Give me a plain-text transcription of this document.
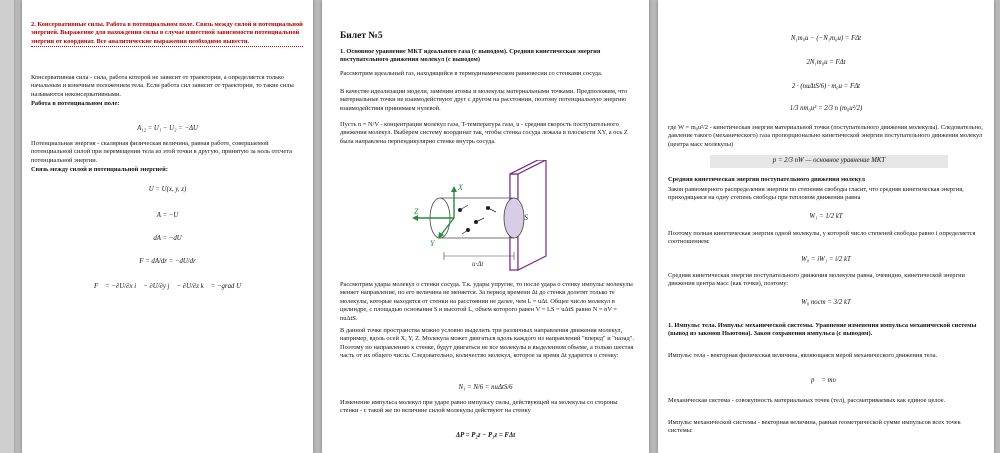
2. Консервативные силы. Работа в потенциальном поле. Связь между силой и потенциальной энергией. Выражение для нахождения силы в случае известной зависимости потенциальной энергии от координат. Все аналитические выражения необходимо вывести.

Консервативная сила - сила, работа которой не зависит от траектории, а определяется только начальным и конечным положением тела. Если работа сил зависит от траектории, то такие силы называются неконсервативными.

Работа в потенциальном поле:

A₁₂ = U₁ − U₂ = −ΔU

Потенциальная энергия - скалярная физическая величина, равная работе, совершаемой потенциальной силой при перемещении тела из этой точки в другую, принятую за ноль отсчета потенциальной энергии.

Связь между силой и потенциальной энергией:

U = U(x, y, z)

A = −U

dA = −dU

F = dA/dr = −dU/dr

F⃗ = −∂U/∂x i⃗ − ∂U/∂y j⃗ − ∂U/∂z k⃗ = −grad U

Билет №5

1. Основное уравнение МКТ идеального газа (с выводом). Средняя кинетическая энергия поступательного движения молекул (с выводом)

Рассмотрим идеальный газ, находящийся в термодинамическом равновесии со стенками сосуда.

В качестве идеализации модели, заменим атомы и молекулы материальными точками. Предположим, что материальные точки не взаимодействуют друг с другом на расстоянии, поэтому потенциальную энергию взаимодействия принимаем нулевой.

Пусть n = N/V - концентрация молекул газа, T-температура газа, u - средняя скорость поступательного движения молекул. Выберем систему координат так, чтобы стенка сосуда лежала в плоскости XY, а ось Z была направлена перпендикулярно стенке внутрь сосуда.

Z
X
Y
S
u·Δt

Рассмотрим удары молекул о стенки сосуда. Т.к. удары упругие, то после удара о стенку импульс молекулы меняет направление, но его величина не меняется. За период времени Δt до стенки долетят только те молекулы, которые находятся от стенки на расстоянии не далее, чем L = uΔt. Общее число молекул в цилиндре, с площадью основания S и высотой L, объем которого равен V = LS = uΔtS равно N = nV = nuΔtS.

В данной точке пространства можно условно выделить три различных направления движения молекул, например, вдоль осей X, Y, Z. Молекула может двигаться вдоль каждого из направлений "вперед" и "назад". Поэтому по направлению к стенке, будут двигаться не все молекулы в выделенном объеме, а только шестая часть от их общего числа. Следовательно, количество молекул, которое за время Δt ударится о стенку:

N₁ = N/6 = nuΔtS/6

Изменение импульса молекул при ударе равно импульсу силы, действующей на молекулы со стороны стенки - с такой же по величине силой молекулы действуют на стенку

ΔP = P₂z − P₁z = FΔt

N₁m₀u − (−N₁m₀u) = FΔt

2N₁m₀u = FΔt

2 · (nuΔtS/6) · m₀u = FΔt

1/3 nm₀u² = 2/3 n (m₀u²/2)

где W = m₀u²/2 - кинетическая энергия материальной точки (поступательного движения молекулы). Следовательно, давление такого (механического) газа пропорционально кинетической энергии поступательного движения молекул (центра масс молекулы)

p = 2/3 nW — основное уравнение МКТ

Средняя кинетическая энергия поступательного движения молекул

Закон равномерного распределения энергии по степеням свободы гласит, что средняя кинетическая энергия, приходящаяся на одну степень свободы при тепловом движении равна

W₁ = 1/2 kT

Поэтому полная кинетическая энергия одной молекулы, у которой число степеней свободы равно i определяется соотношением:

W₀ = iW₁ = i/2 kT

Средняя кинетическая энергия поступательного движения молекулы равна, очевидно, кинетической энергии движения центра масс (как точки), поэтому:

W₀ пост = 3/2 kT

1. Импульс тела. Импульс механической системы. Уравнение изменения импульса механической системы (вывод из законов Ньютона). Закон сохранения импульса (с выводом).

Импульс тела - векторная физическая величина, являющаяся мерой механического движения тела.

p⃗ = mυ⃗

Механическая система - совокупность материальных точек (тел), рассматриваемых как единое целое.

Импульс механической системы - векторная величина, равная геометрической сумме импульсов всех точек системы:
